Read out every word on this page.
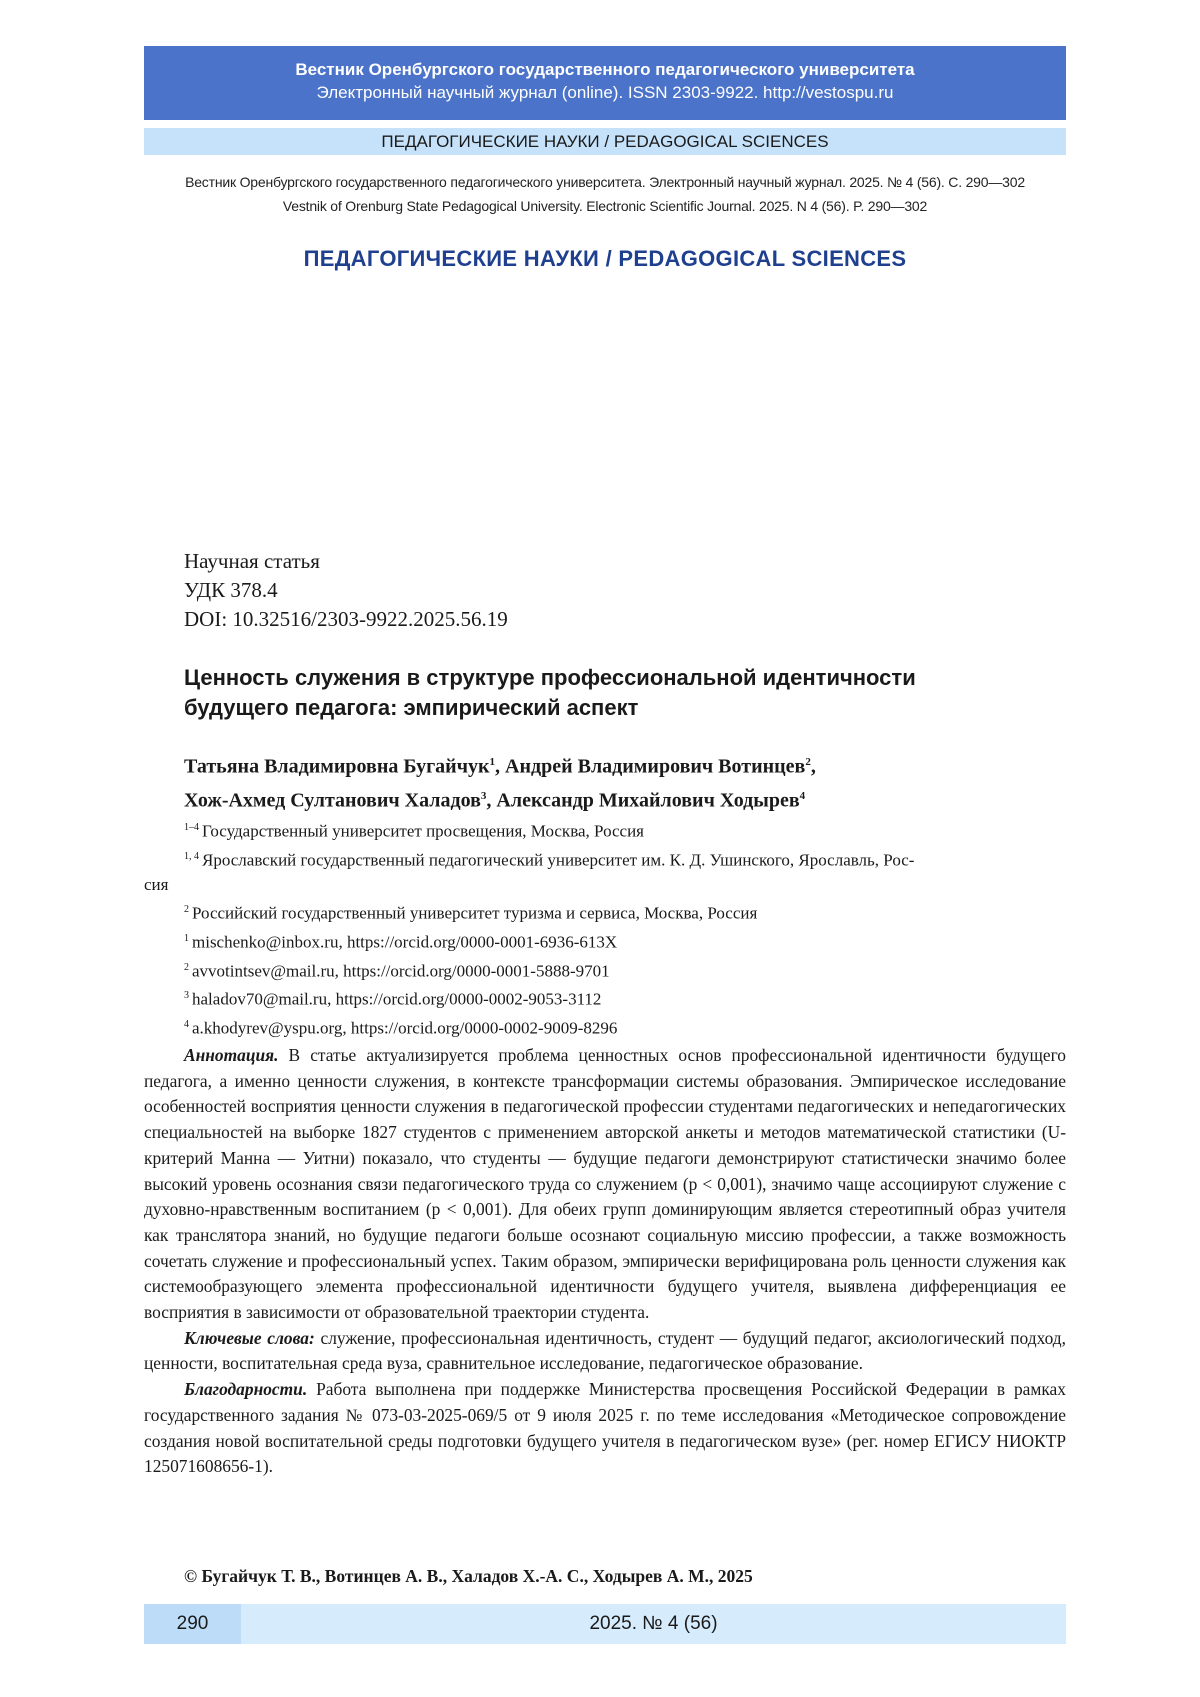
Вестник Оренбургского государственного педагогического университета
Электронный научный журнал (online). ISSN 2303-9922. http://vestospu.ru
ПЕДАГОГИЧЕСКИЕ НАУКИ / PEDAGOGICAL SCIENCES
Вестник Оренбургского государственного педагогического университета. Электронный научный журнал. 2025. № 4 (56). С. 290—302
Vestnik of Orenburg State Pedagogical University. Electronic Scientific Journal. 2025. N 4 (56). P. 290—302
ПЕДАГОГИЧЕСКИЕ НАУКИ / PEDAGOGICAL SCIENCES
Научная статья
УДК 378.4
DOI: 10.32516/2303-9922.2025.56.19
Ценность служения в структуре профессиональной идентичности
будущего педагога: эмпирический аспект
Татьяна Владимировна Бугайчук$^1$, Андрей Владимирович Вотинцев$^2$,
Хож-Ахмед Султанович Халадов$^3$, Александр Михайлович Ходырев$^4$
$^{1-4}$ Государственный университет просвещения, Москва, Россия
$^{1, 4}$ Ярославский государственный педагогический университет им. К. Д. Ушинского, Ярославль, Рос-
сия
$^2$ Российский государственный университет туризма и сервиса, Москва, Россия
$^1$ mischenko@inbox.ru, https://orcid.org/0000-0001-6936-613X
$^2$ avvotintsev@mail.ru, https://orcid.org/0000-0001-5888-9701
$^3$ haladov70@mail.ru, https://orcid.org/0000-0002-9053-3112
$^4$ a.khodyrev@yspu.org, https://orcid.org/0000-0002-9009-8296

Аннотация. В статье актуализируется проблема ценностных основ профессиональной идентичности будущего педагога, а именно ценности служения, в контексте трансформации системы образования. Эмпирическое исследование особенностей восприятия ценности служения в педагогической профессии студентами педагогических и непедагогических специальностей на выборке 1827 студентов с применением авторской анкеты и методов математической статистики (U-критерий Манна — Уитни) показало, что студенты — будущие педагоги демонстрируют статистически значимо более высокий уровень осознания связи педагогического труда со служением (p < 0,001), значимо чаще ассоциируют служение с духовно-нравственным воспитанием (p < 0,001). Для обеих групп доминирующим является стереотипный образ учителя как транслятора знаний, но будущие педагоги больше осознают социальную миссию профессии, а также возможность сочетать служение и профессиональный успех. Таким образом, эмпирически верифицирована роль ценности служения как системообразующего элемента профессиональной идентичности будущего учителя, выявлена дифференциация ее восприятия в зависимости от образовательной траектории студента.

Ключевые слова: служение, профессиональная идентичность, студент — будущий педагог, аксиологический подход, ценности, воспитательная среда вуза, сравнительное исследование, педагогическое образование.

Благодарности. Работа выполнена при поддержке Министерства просвещения Российской Федерации в рамках государственного задания № 073-03-2025-069/5 от 9 июля 2025 г. по теме исследования «Методическое сопровождение создания новой воспитательной среды подготовки будущего учителя в педагогическом вузе» (рег. номер ЕГИСУ НИОКТР 125071608656-1).

© Бугайчук Т. В., Вотинцев А. В., Халадов Х.-А. С., Ходырев А. М., 2025
290	2025. № 4 (56)
